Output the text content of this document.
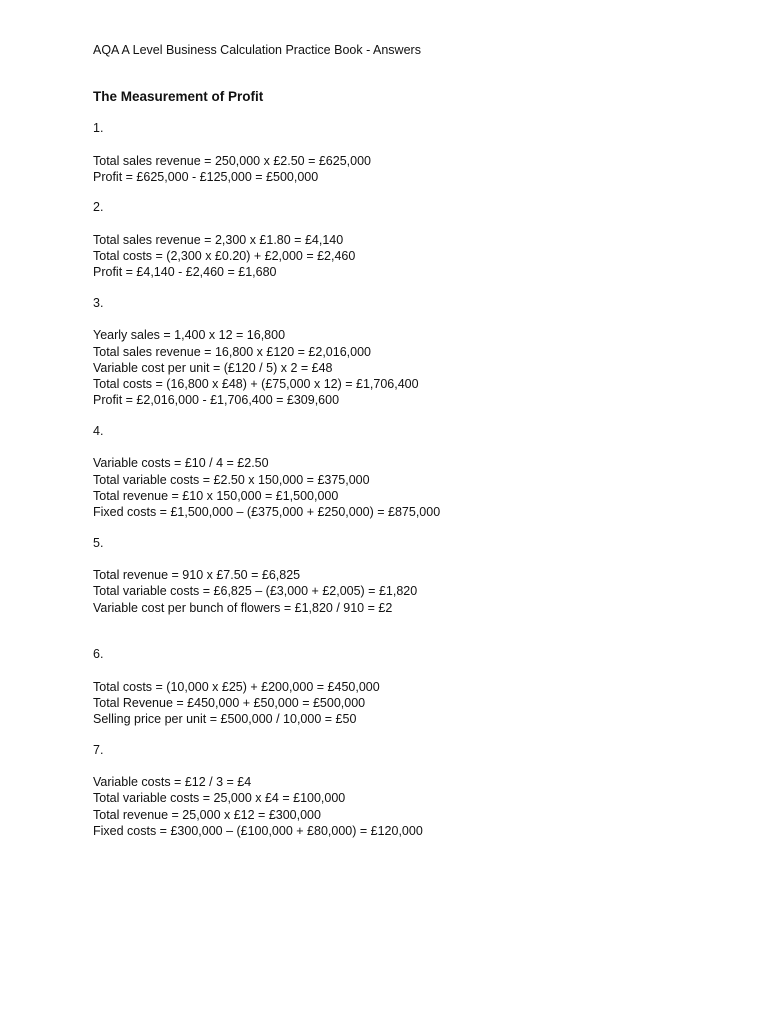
AQA A Level Business Calculation Practice Book - Answers

The Measurement of Profit

1.

Total sales revenue = 250,000 x £2.50 = £625,000

Profit = £625,000 - £125,000 = £500,000

2.

Total sales revenue = 2,300 x £1.80 = £4,140

Total costs = (2,300 x £0.20) + £2,000 = £2,460

Profit = £4,140 - £2,460 = £1,680

3.

Yearly sales = 1,400 x 12 = 16,800

Total sales revenue = 16,800 x £120 = £2,016,000

Variable cost per unit = (£120 / 5) x 2 = £48

Total costs = (16,800 x £48) + (£75,000 x 12) = £1,706,400

Profit = £2,016,000 - £1,706,400 = £309,600

4.

Variable costs = £10 / 4 = £2.50

Total variable costs = £2.50 x 150,000 = £375,000

Total revenue = £10 x 150,000 = £1,500,000

Fixed costs = £1,500,000 – (£375,000 + £250,000) = £875,000

5.

Total revenue = 910 x £7.50 = £6,825

Total variable costs = £6,825 – (£3,000 + £2,005) = £1,820

Variable cost per bunch of flowers = £1,820 / 910 = £2

6.

Total costs = (10,000 x £25) + £200,000 = £450,000

Total Revenue = £450,000 + £50,000 = £500,000

Selling price per unit = £500,000 / 10,000 = £50

7.

Variable costs = £12 / 3 = £4

Total variable costs = 25,000 x £4 = £100,000

Total revenue = 25,000 x £12 = £300,000

Fixed costs = £300,000 – (£100,000 + £80,000) = £120,000
